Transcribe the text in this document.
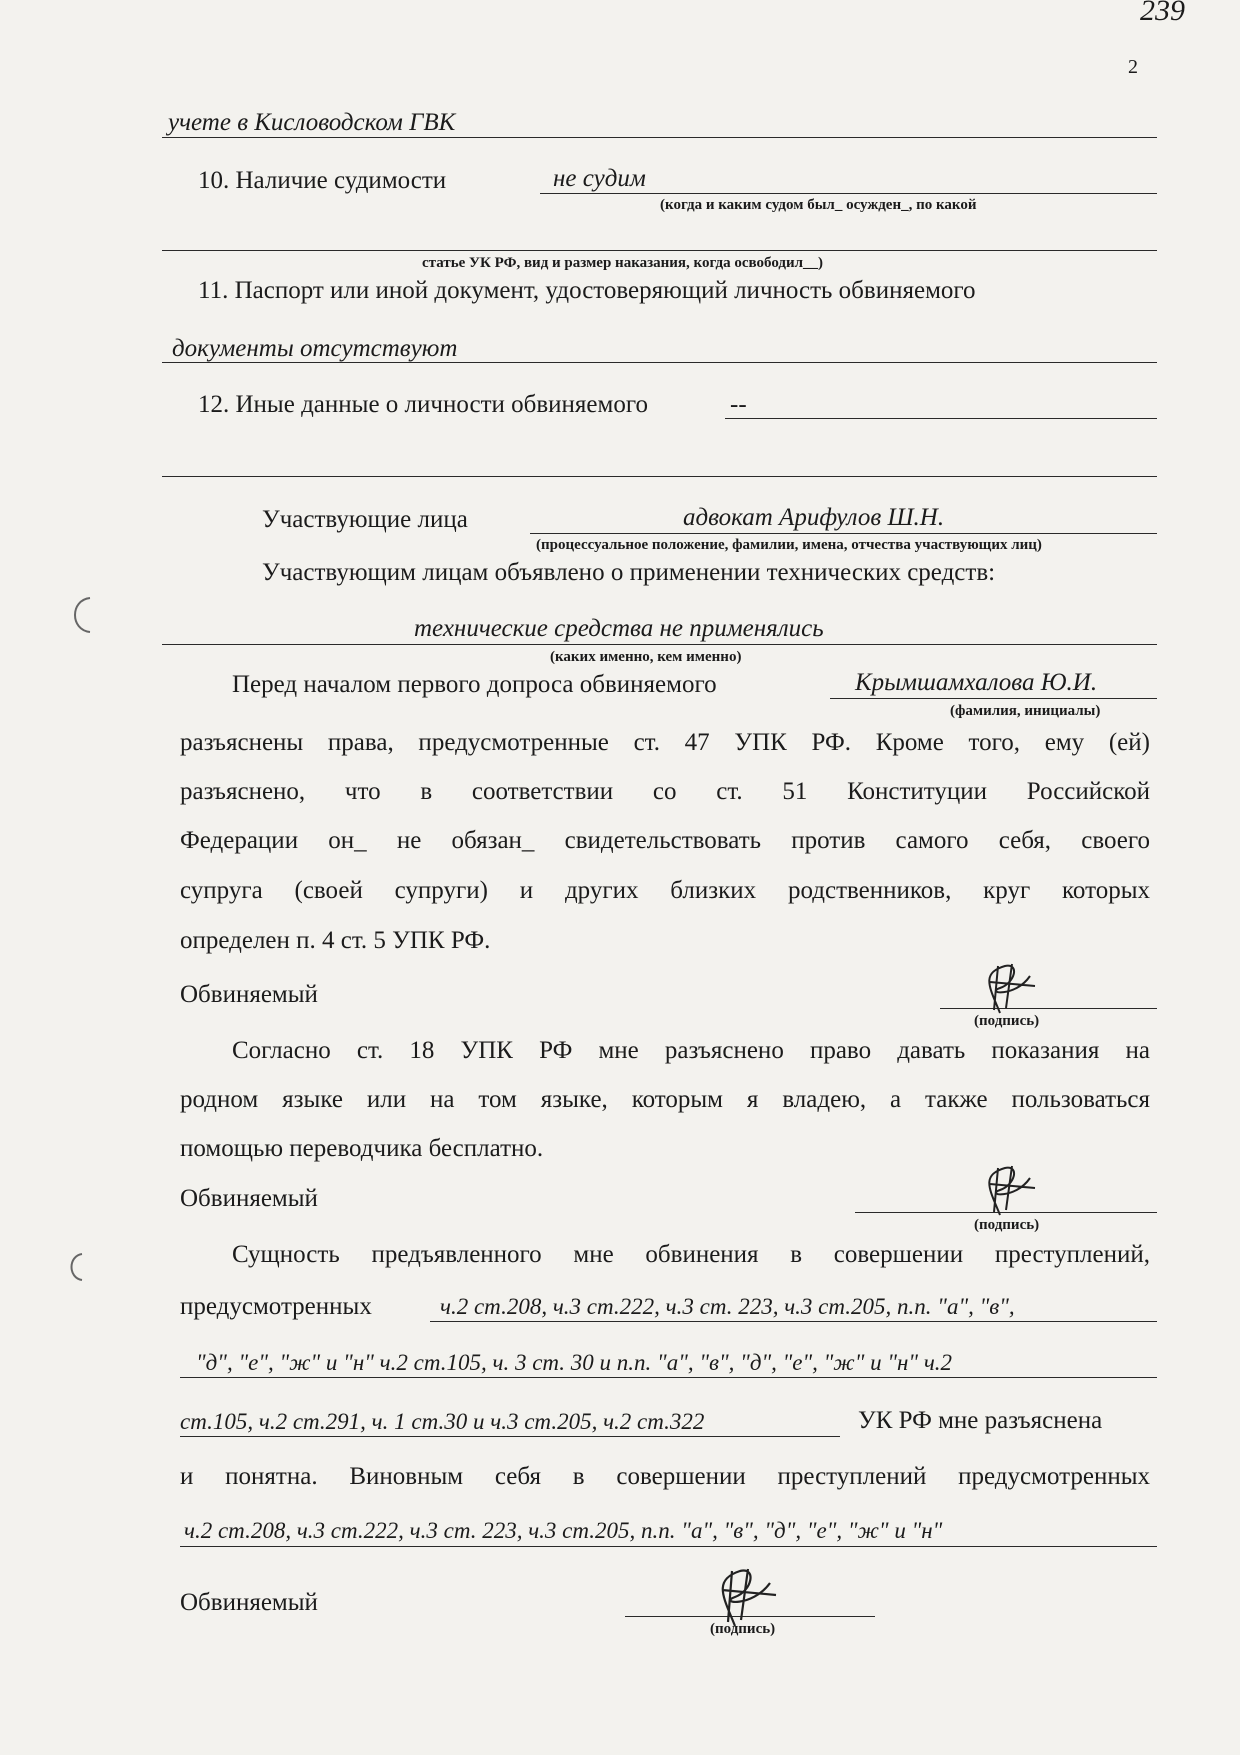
239
2
учете в Кисловодском ГВК
10. Наличие судимости	не судим
(когда и каким судом был_ осужден_, по какой
статье УК РФ, вид и размер наказания, когда освободил__)
11. Паспорт или иной документ, удостоверяющий личность обвиняемого
документы отсутствуют
12. Иные данные о личности обвиняемого	--
Участвующие лица	адвокат Арифулов Ш.Н.
(процессуальное положение, фамилии, имена, отчества участвующих лиц)
Участвующим лицам объявлено о применении технических средств:
технические средства не применялись
(каких именно, кем именно)
Перед началом первого допроса обвиняемого	Крымшамхалова Ю.И.
(фамилия, инициалы)
разъяснены права, предусмотренные ст. 47 УПК РФ. Кроме того, ему (ей)
разъяснено, что в соответствии со ст. 51 Конституции Российской
Федерации он_ не обязан_ свидетельствовать против самого себя, своего
супруга (своей супруги) и других близких родственников, круг которых
определен п. 4 ст. 5 УПК РФ.
Обвиняемый
(подпись)
Согласно ст. 18 УПК РФ мне разъяснено право давать показания на
родном языке или на том языке, которым я владею, а также пользоваться
помощью переводчика бесплатно.
Обвиняемый
(подпись)
Сущность предъявленного мне обвинения в совершении преступлений,
предусмотренных	ч.2 ст.208, ч.3 ст.222, ч.3 ст. 223, ч.3 ст.205, п.п. "а", "в",
"д", "е", "ж" и "н" ч.2 ст.105, ч. 3 ст. 30 и п.п. "а", "в", "д", "е", "ж" и "н" ч.2
ст.105, ч.2 ст.291, ч. 1 ст.30 и ч.3 ст.205, ч.2 ст.322	УК РФ мне разъяснена
и понятна. Виновным себя в совершении преступлений предусмотренных
ч.2 ст.208, ч.3 ст.222, ч.3 ст. 223, ч.3 ст.205, п.п. "а", "в", "д", "е", "ж" и "н"
Обвиняемый
(подпись)
